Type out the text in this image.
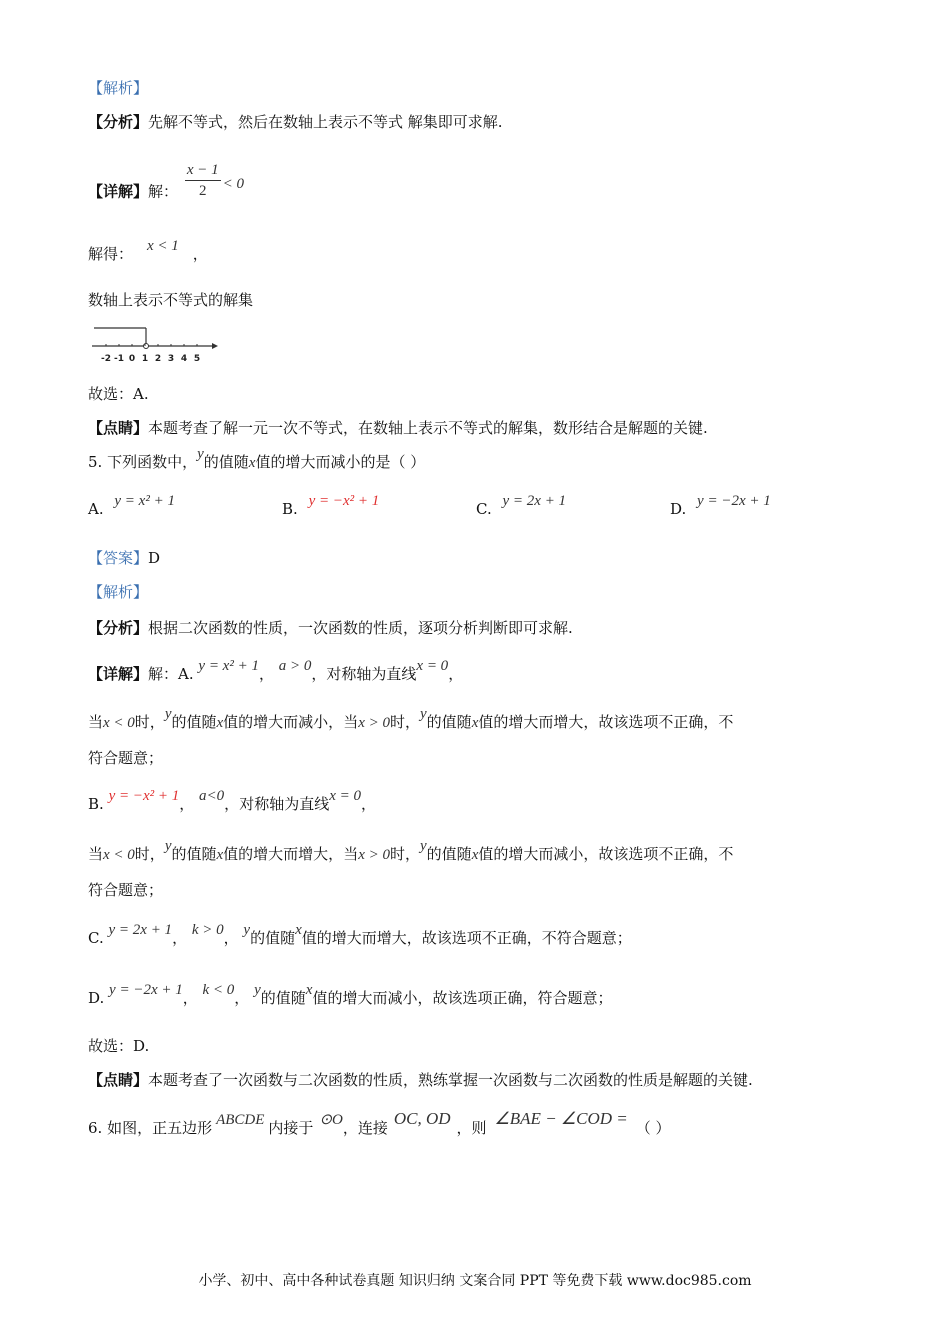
【解析】
【分析】先解不等式，然后在数轴上表示不等式 解集即可求解.
【详解】解： $\frac{x - 1}{2} < 0$
解得： x < 1 ，
数轴上表示不等式的解集
-2 -1 0 1 2 3 4 5
故选：A.
【点睛】本题考查了解一元一次不等式，在数轴上表示不等式的解集，数形结合是解题的关键.
5. 下列函数中，y的值随x值的增大而减小的是（ ）
A. y = x² + 1	B. y = −x² + 1	C. y = 2x + 1	D. y = −2x + 1
【答案】D
【解析】
【分析】根据二次函数的性质，一次函数的性质，逐项分析判断即可求解.
【详解】解：A. y = x² + 1， a > 0，对称轴为直线x = 0，
当x < 0时，y的值随x值的增大而减小，当x > 0时，y的值随x值的增大而增大，故该选项不正确，不
符合题意；
B. y = −x² + 1， a<0，对称轴为直线x = 0，
当x < 0时，y的值随x值的增大而增大，当x > 0时，y的值随x值的增大而减小，故该选项不正确，不
符合题意；
C. y = 2x + 1， k > 0， y的值随x值的增大而增大，故该选项不正确，不符合题意；
D. y = −2x + 1， k < 0， y的值随x值的增大而减小，故该选项正确，符合题意；
故选：D.
【点睛】本题考查了一次函数与二次函数的性质，熟练掌握一次函数与二次函数的性质是解题的关键.
6. 如图，正五边形 ABCDE 内接于 ⊙O，连接 OC, OD ，则 ∠BAE − ∠COD = （ ）
小学、初中、高中各种试卷真题 知识归纳 文案合同 PPT 等免费下载 www.doc985.com
